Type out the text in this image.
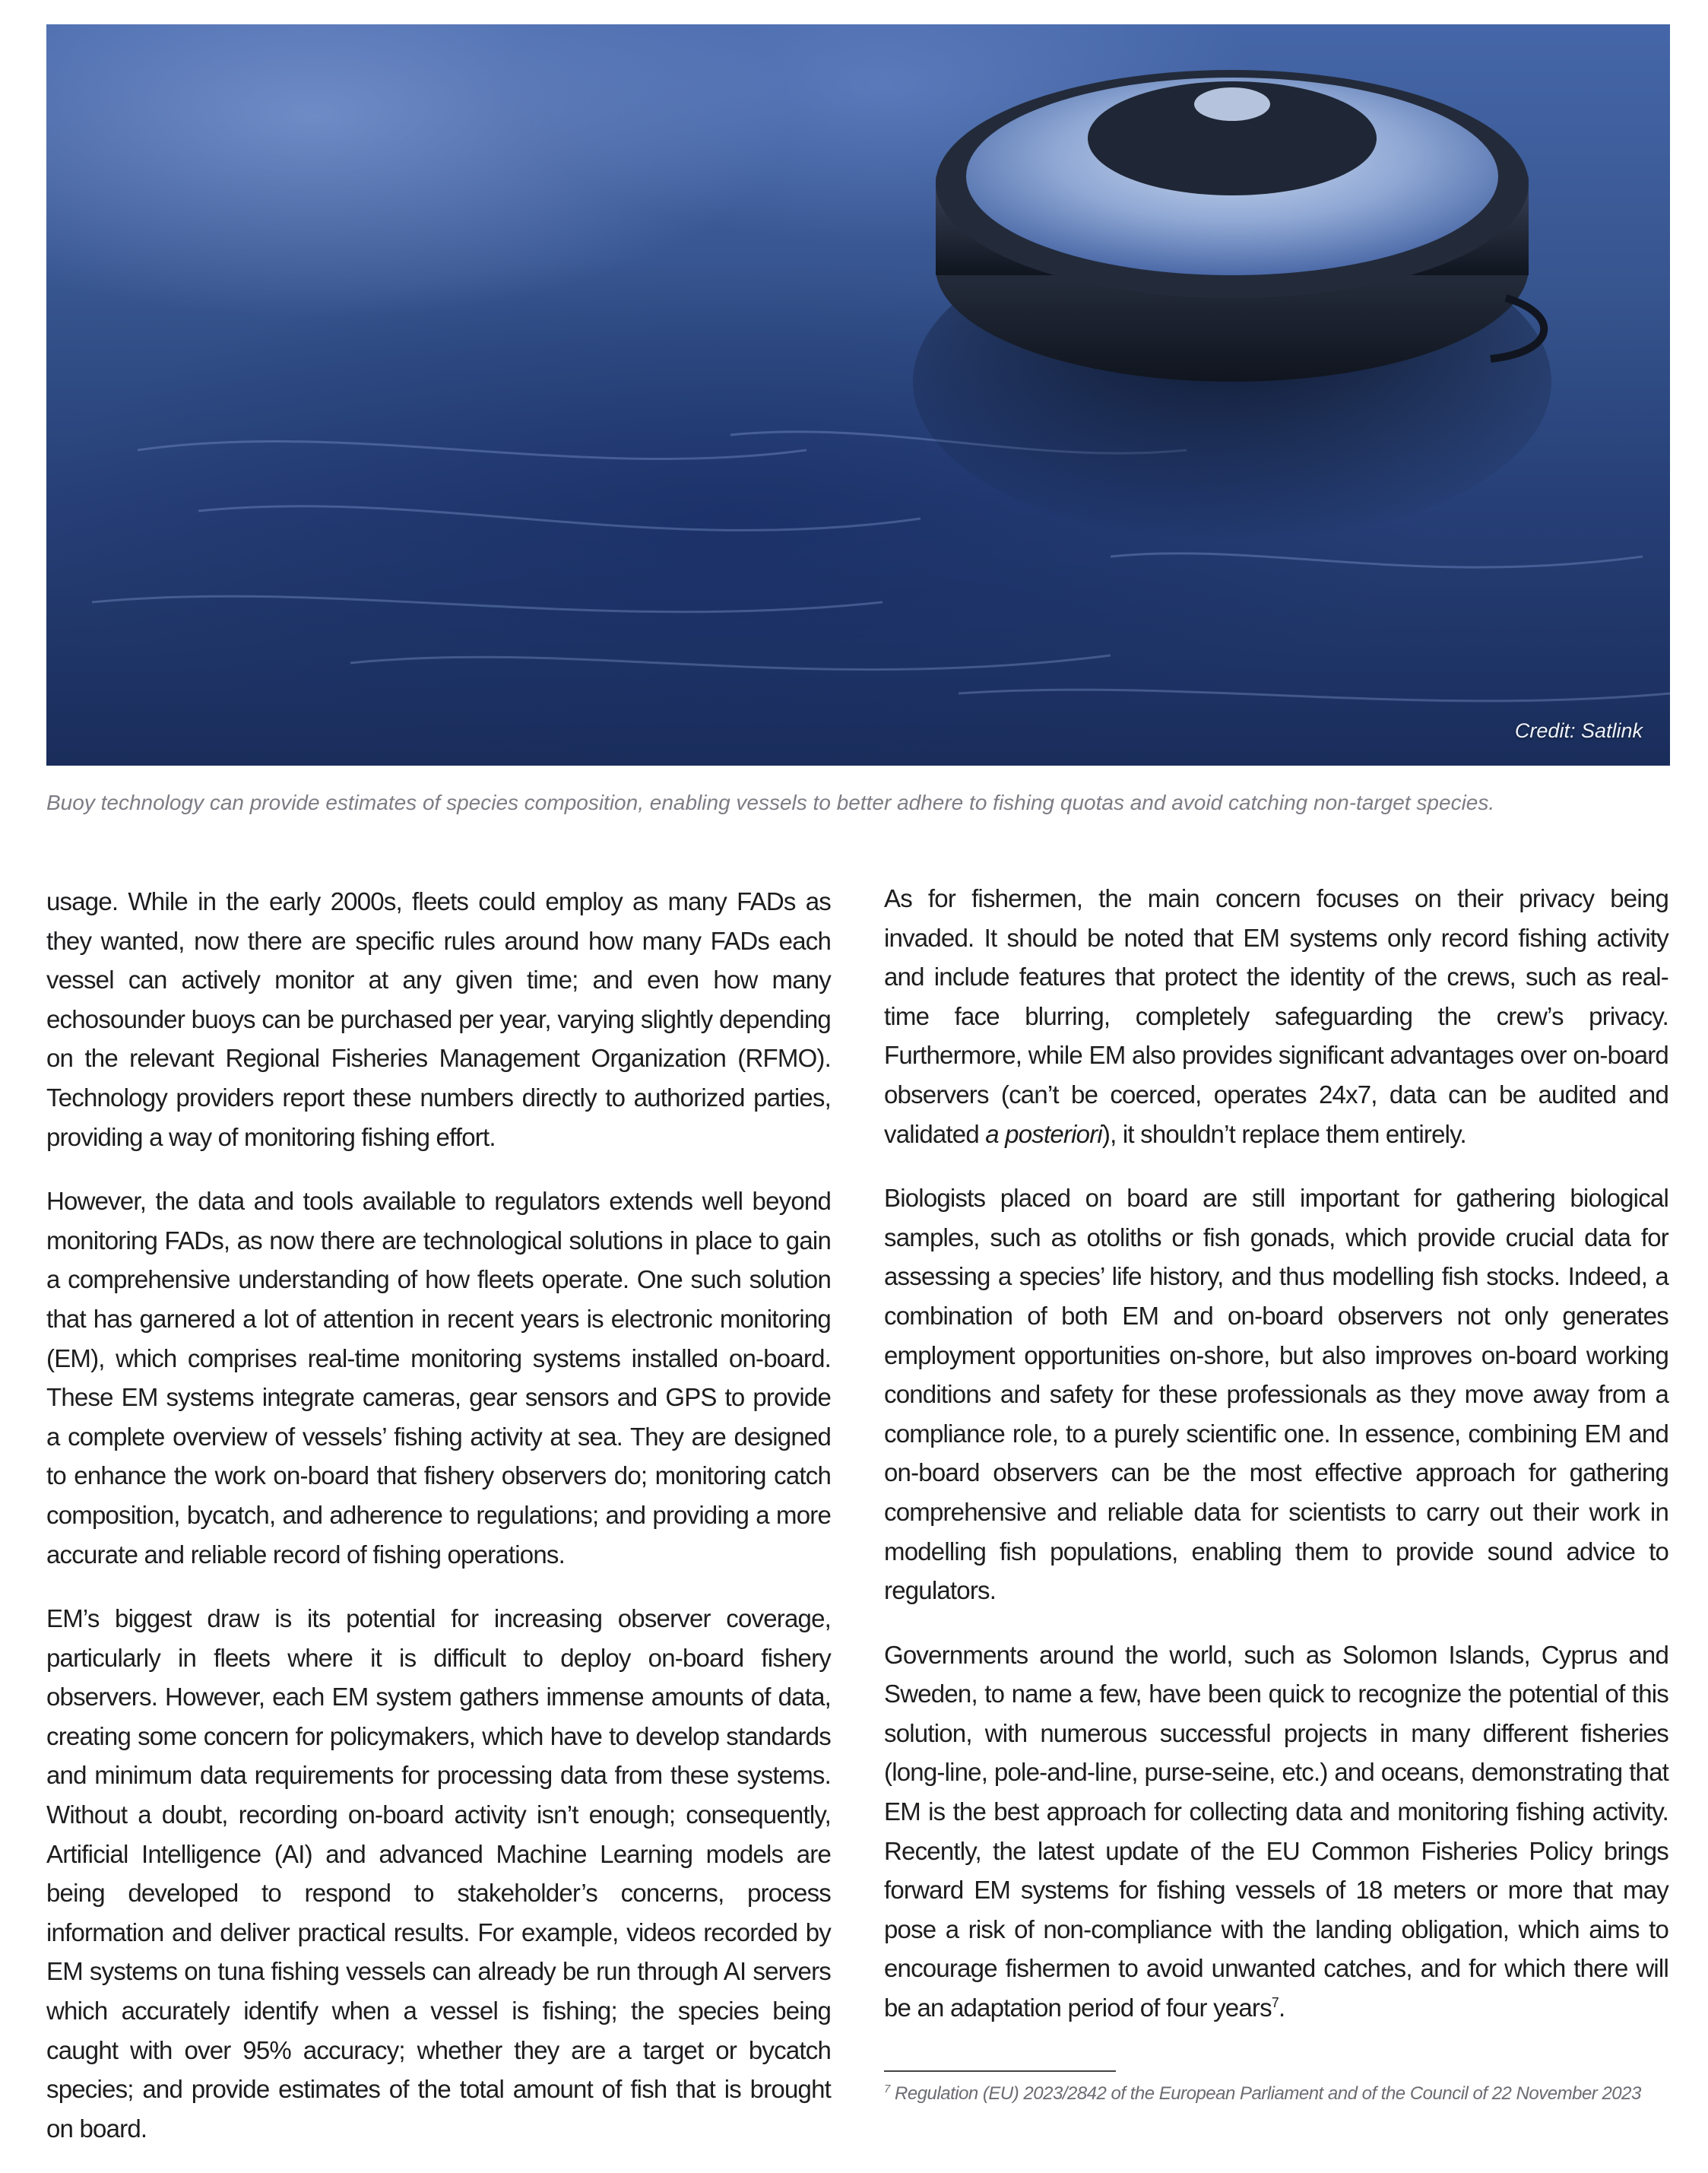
Credit: Satlink
Buoy technology can provide estimates of species composition, enabling vessels to better adhere to fishing quotas and avoid catching non-target species.

usage. While in the early 2000s, fleets could employ as many FADs as they wanted, now there are specific rules around how many FADs each vessel can actively monitor at any given time; and even how many echosounder buoys can be purchased per year, varying slightly depending on the relevant Regional Fisheries Management Organization (RFMO). Technology providers report these numbers directly to authorized parties, providing a way of monitoring fishing effort.

However, the data and tools available to regulators extends well beyond monitoring FADs, as now there are technological solutions in place to gain a comprehensive understanding of how fleets operate. One such solution that has garnered a lot of attention in recent years is electronic monitoring (EM), which comprises real-time monitoring systems installed on-board. These EM systems integrate cameras, gear sensors and GPS to provide a complete overview of vessels’ fishing activity at sea. They are designed to enhance the work on-board that fishery observers do; monitoring catch composition, bycatch, and adherence to regulations; and providing a more accurate and reliable record of fishing operations.

EM’s biggest draw is its potential for increasing observer coverage, particularly in fleets where it is difficult to deploy on-board fishery observers. However, each EM system gathers immense amounts of data, creating some concern for policymakers, which have to develop standards and minimum data requirements for processing data from these systems. Without a doubt, recording on-board activity isn’t enough; consequently, Artificial Intelligence (AI) and advanced Machine Learning models are being developed to respond to stakeholder’s concerns, process information and deliver practical results. For example, videos recorded by EM systems on tuna fishing vessels can already be run through AI servers which accurately identify when a vessel is fishing; the species being caught with over 95% accuracy; whether they are a target or bycatch species; and provide estimates of the total amount of fish that is brought on board.

As for fishermen, the main concern focuses on their privacy being invaded. It should be noted that EM systems only record fishing activity and include features that protect the identity of the crews, such as real-time face blurring, completely safeguarding the crew’s privacy. Furthermore, while EM also provides significant advantages over on-board observers (can’t be coerced, operates 24x7, data can be audited and validated a posteriori), it shouldn’t replace them entirely.

Biologists placed on board are still important for gathering biological samples, such as otoliths or fish gonads, which provide crucial data for assessing a species’ life history, and thus modelling fish stocks. Indeed, a combination of both EM and on-board observers not only generates employment opportunities on-shore, but also improves on-board working conditions and safety for these professionals as they move away from a compliance role, to a purely scientific one. In essence, combining EM and on-board observers can be the most effective approach for gathering comprehensive and reliable data for scientists to carry out their work in modelling fish populations, enabling them to provide sound advice to regulators.

Governments around the world, such as Solomon Islands, Cyprus and Sweden, to name a few, have been quick to recognize the potential of this solution, with numerous successful projects in many different fisheries (long-line, pole-and-line, purse-seine, etc.) and oceans, demonstrating that EM is the best approach for collecting data and monitoring fishing activity. Recently, the latest update of the EU Common Fisheries Policy brings forward EM systems for fishing vessels of 18 meters or more that may pose a risk of non-compliance with the landing obligation, which aims to encourage fishermen to avoid unwanted catches, and for which there will be an adaptation period of four years$^7$.

$^7$ Regulation (EU) 2023/2842 of the European Parliament and of the Council of 22 November 2023
